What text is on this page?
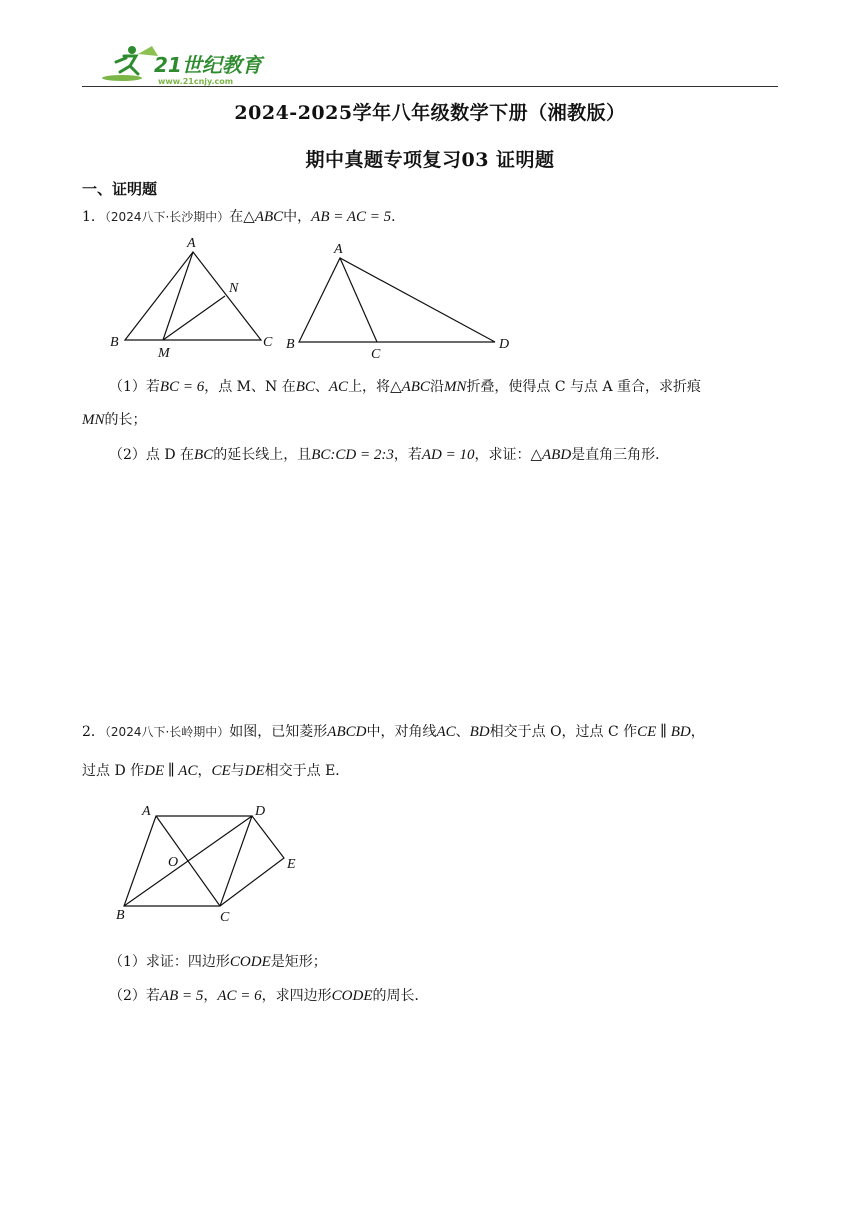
21世纪教育
www.21cnjy.com
2024-2025学年八年级数学下册（湘教版）
期中真题专项复习03 证明题
一、证明题
1．（2024八下·长沙期中）在△ABC中，AB = AC = 5．
A
N
B
M
C
A
B
C
D
（1）若BC = 6，点 M、N 在BC、AC上，将△ABC沿MN折叠，使得点 C 与点 A 重合，求折痕
MN的长；
（2）点 D 在BC的延长线上，且BC:CD = 2:3，若AD = 10，求证：△ABD是直角三角形．
2．（2024八下·长岭期中）如图，已知菱形ABCD中，对角线AC、BD相交于点 O，过点 C 作CE ∥ BD，
过点 D 作DE ∥ AC，CE与DE相交于点 E．
A	D
O	E
B	C
（1）求证：四边形CODE是矩形；
（2）若AB = 5，AC = 6，求四边形CODE的周长．
